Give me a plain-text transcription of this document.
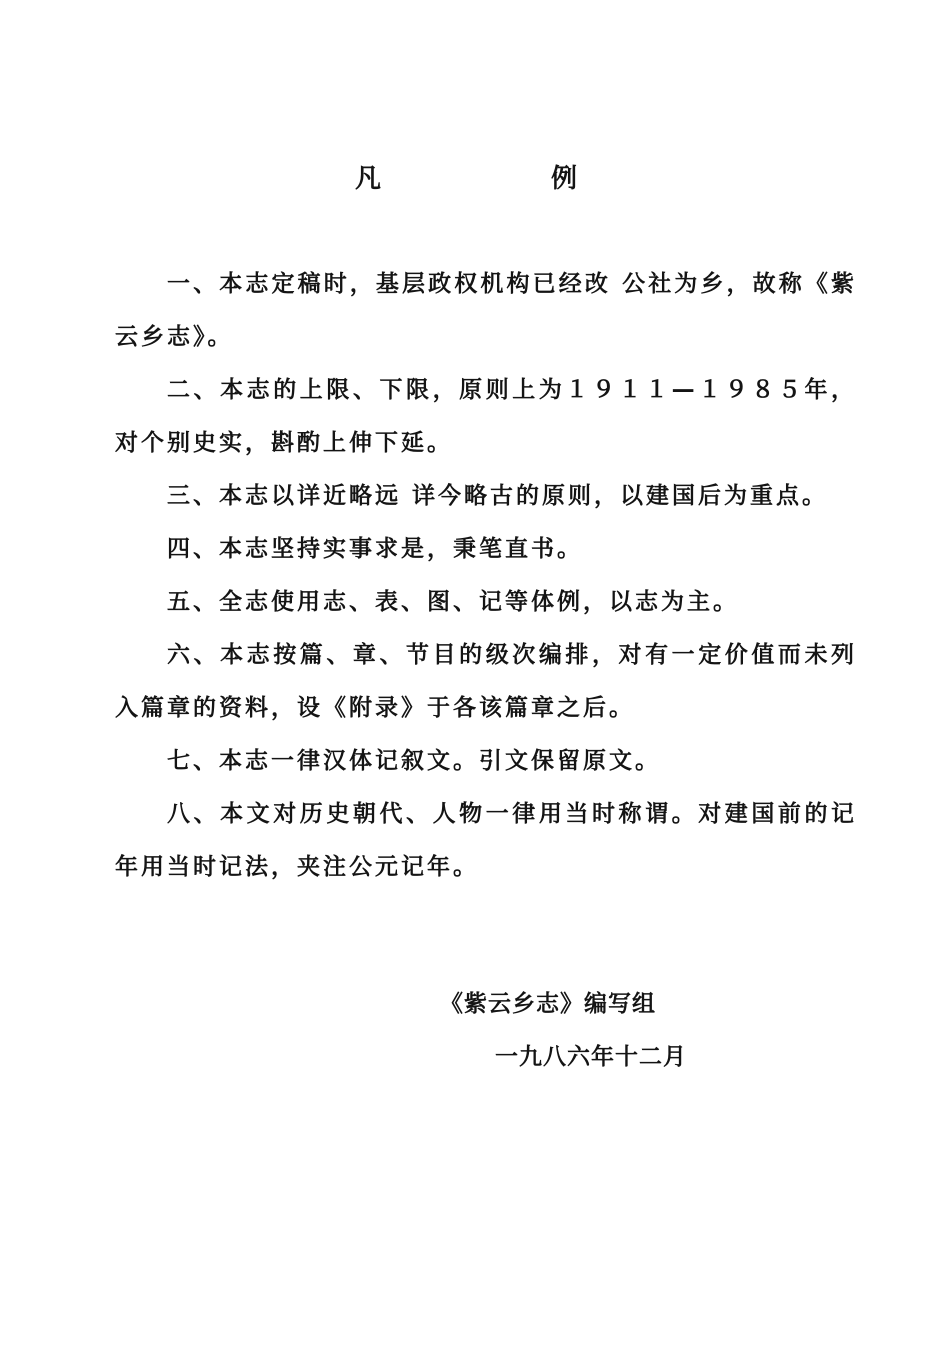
凡	例

一、本志定稿时，基层政权机构已经改 公社为乡，故称《紫云乡志》。

二、本志的上限、下限，原则上为１９１１—１９８５年，对个别史实，斟酌上伸下延。

三、本志以详近略远 详今略古的原则，以建国后为重点。

四、本志坚持实事求是，秉笔直书。

五、全志使用志、表、图、记等体例，以志为主。

六、本志按篇、章、节目的级次编排，对有一定价值而未列入篇章的资料，设《附录》于各该篇章之后。

七、本志一律汉体记叙文。引文保留原文。

八、本文对历史朝代、人物一律用当时称谓。对建国前的记年用当时记法，夹注公元记年。

《紫云乡志》编写组
一九八六年十二月
